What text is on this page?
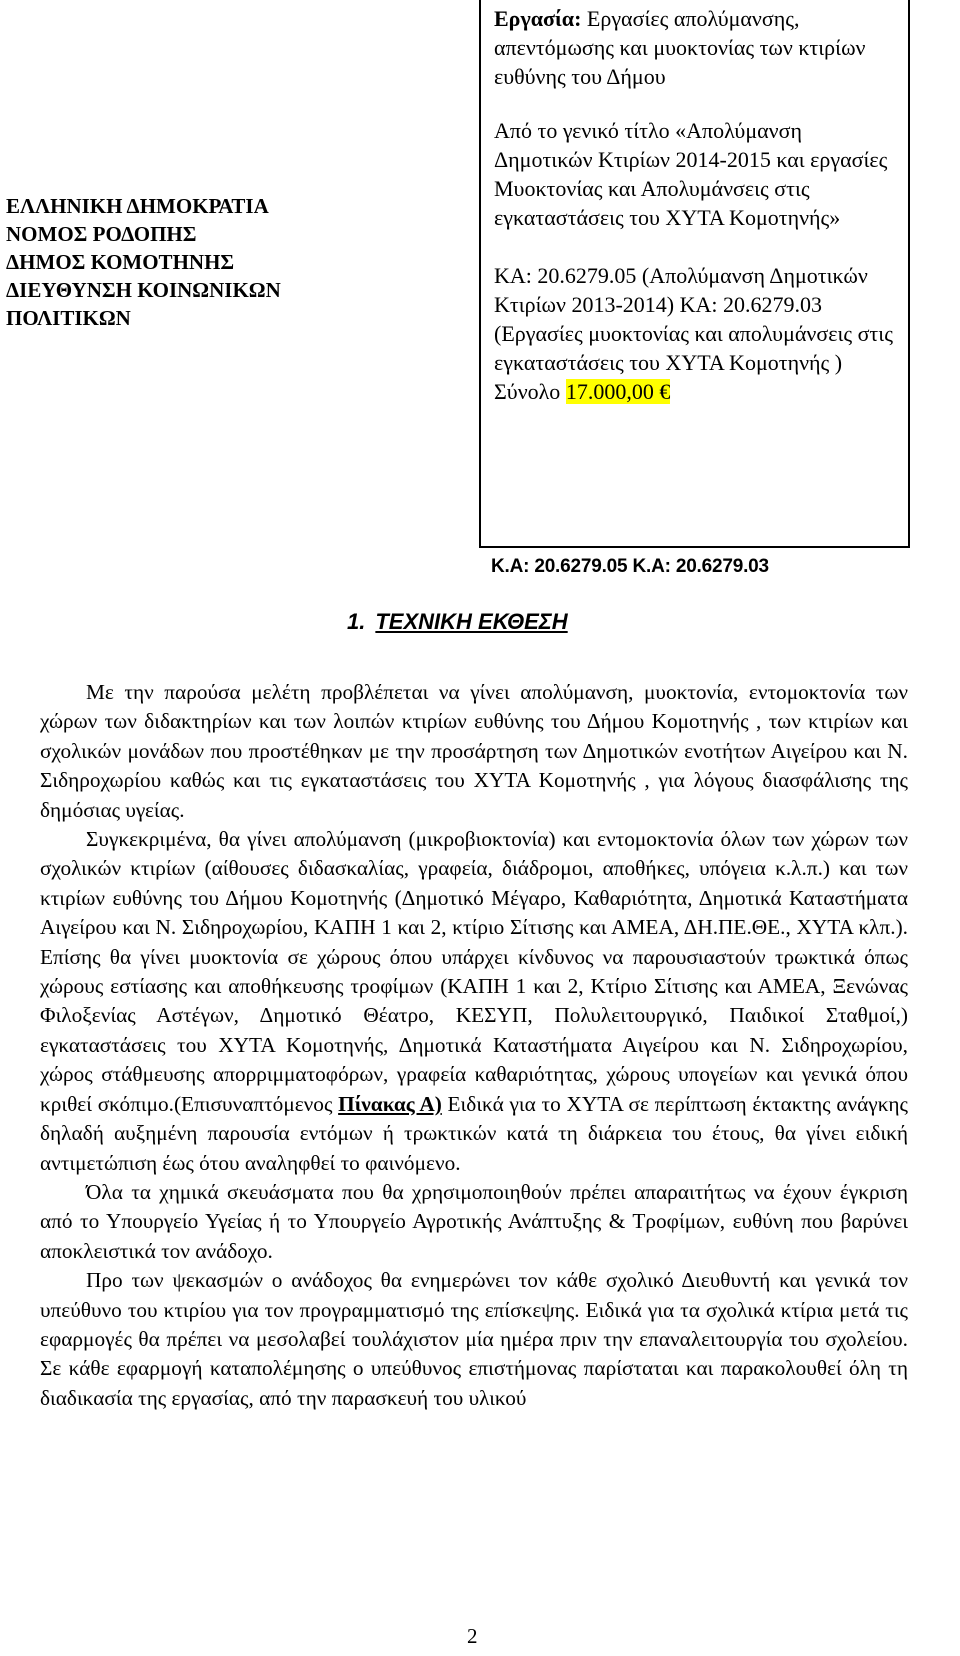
ΕΛΛΗΝΙΚΗ ΔΗΜΟΚΡΑΤΙΑ
ΝΟΜΟΣ ΡΟΔΟΠΗΣ
ΔΗΜΟΣ ΚΟΜΟΤΗΝΗΣ
ΔΙΕΥΘΥΝΣΗ ΚΟΙΝΩΝΙΚΩΝ
ΠΟΛΙΤΙΚΩΝ
Εργασία: Εργασίες απολύμανσης, απεντόμωσης και μυοκτονίας των κτιρίων ευθύνης του Δήμου
Από το γενικό τίτλο «Απολύμανση Δημοτικών Κτιρίων 2014-2015 και εργασίες Μυοκτονίας και Απολυμάνσεις στις εγκαταστάσεις του ΧΥΤΑ Κομοτηνής»
ΚΑ: 20.6279.05 (Απολύμανση Δημοτικών Κτιρίων 2013-2014) ΚΑ: 20.6279.03 (Εργασίες μυοκτονίας και απολυμάνσεις στις εγκαταστάσεις του ΧΥΤΑ Κομοτηνής ) Σύνολο 17.000,00 €
Κ.Α: 20.6279.05 Κ.Α: 20.6279.03
1. ΤΕΧΝΙΚΗ ΕΚΘΕΣΗ

Με την παρούσα μελέτη προβλέπεται να γίνει απολύμανση, μυοκτονία, εντομοκτονία των χώρων των διδακτηρίων και των λοιπών κτιρίων ευθύνης του Δήμου Κομοτηνής , των κτιρίων και σχολικών μονάδων που προστέθηκαν με την προσάρτηση των Δημοτικών ενοτήτων Αιγείρου και Ν. Σιδηροχωρίου καθώς και τις εγκαταστάσεις του ΧΥΤΑ Κομοτηνής , για λόγους διασφάλισης της δημόσιας υγείας.

Συγκεκριμένα, θα γίνει απολύμανση (μικροβιοκτονία) και εντομοκτονία όλων των χώρων των σχολικών κτιρίων (αίθουσες διδασκαλίας, γραφεία, διάδρομοι, αποθήκες, υπόγεια κ.λ.π.) και των κτιρίων ευθύνης του Δήμου Κομοτηνής (Δημοτικό Μέγαρο, Καθαριότητα, Δημοτικά Καταστήματα Αιγείρου και Ν. Σιδηροχωρίου, ΚΑΠΗ 1 και 2, κτίριο Σίτισης και ΑΜΕΑ, ΔΗ.ΠΕ.ΘΕ., ΧΥΤΑ κλπ.). Επίσης θα γίνει μυοκτονία σε χώρους όπου υπάρχει κίνδυνος να παρουσιαστούν τρωκτικά όπως χώρους εστίασης και αποθήκευσης τροφίμων (ΚΑΠΗ 1 και 2, Κτίριο Σίτισης και ΑΜΕΑ, Ξενώνας Φιλοξενίας Αστέγων, Δημοτικό Θέατρο, ΚΕΣΥΠ, Πολυλειτουργικό, Παιδικοί Σταθμοί,) εγκαταστάσεις του ΧΥΤΑ Κομοτηνής, Δημοτικά Καταστήματα Αιγείρου και Ν. Σιδηροχωρίου, χώρος στάθμευσης απορριμματοφόρων, γραφεία καθαριότητας, χώρους υπογείων και γενικά όπου κριθεί σκόπιμο.(Επισυναπτόμενος Πίνακας Α) Ειδικά για το ΧΥΤΑ σε περίπτωση έκτακτης ανάγκης δηλαδή αυξημένη παρουσία εντόμων ή τρωκτικών κατά τη διάρκεια του έτους, θα γίνει ειδική αντιμετώπιση έως ότου αναληφθεί το φαινόμενο.

Όλα τα χημικά σκευάσματα που θα χρησιμοποιηθούν πρέπει απαραιτήτως να έχουν έγκριση από το Υπουργείο Υγείας ή το Υπουργείο Αγροτικής Ανάπτυξης & Τροφίμων, ευθύνη που βαρύνει αποκλειστικά τον ανάδοχο.

Προ των ψεκασμών ο ανάδοχος θα ενημερώνει τον κάθε σχολικό Διευθυντή και γενικά τον υπεύθυνο του κτιρίου για τον προγραμματισμό της επίσκεψης. Ειδικά για τα σχολικά κτίρια μετά τις εφαρμογές θα πρέπει να μεσολαβεί τουλάχιστον μία ημέρα πριν την επαναλειτουργία του σχολείου. Σε κάθε εφαρμογή καταπολέμησης ο υπεύθυνος επιστήμονας παρίσταται και παρακολουθεί όλη τη διαδικασία της εργασίας, από την παρασκευή του υλικού

2
